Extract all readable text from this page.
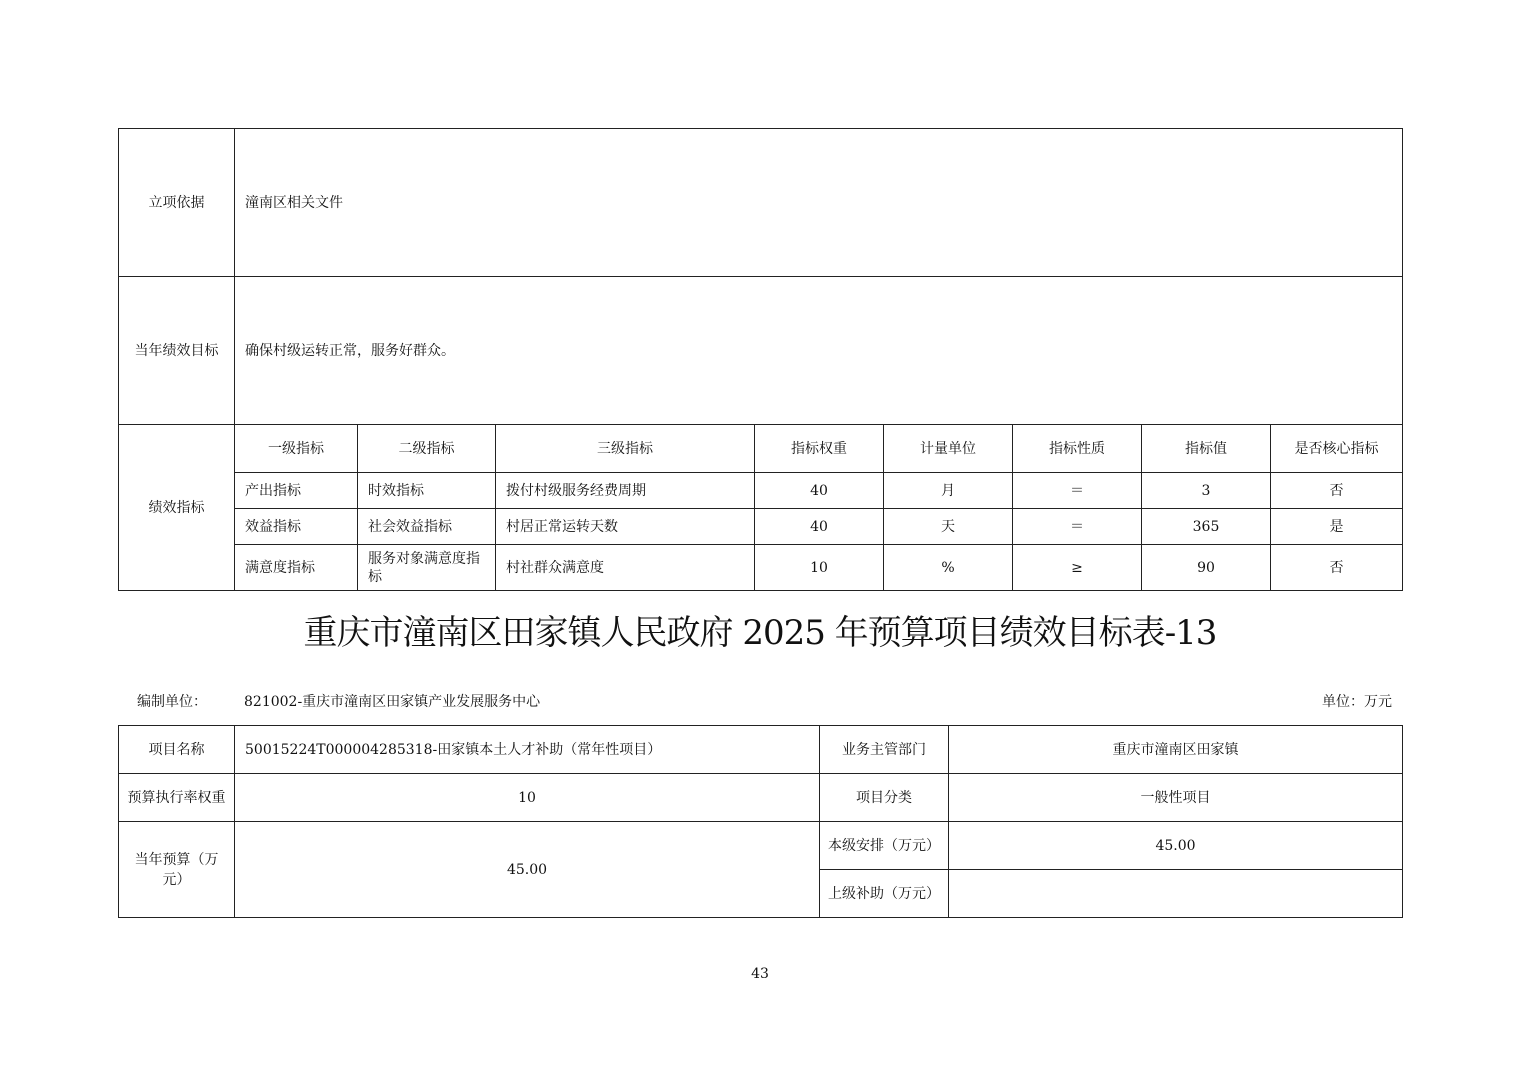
立项依据	潼南区相关文件							
当年绩效目标	确保村级运转正常，服务好群众。							
绩效指标	一级指标	二级指标	三级指标	指标权重	计量单位	指标性质	指标值	是否核心指标
	产出指标	时效指标	拨付村级服务经费周期	40	月	＝	3	否
	效益指标	社会效益指标	村居正常运转天数	40	天	＝	365	是
	满意度指标	服务对象满意度指标	村社群众满意度	10	%	≥	90	否
重庆市潼南区田家镇人民政府 2025 年预算项目绩效目标表-13
编制单位：	821002-重庆市潼南区田家镇产业发展服务中心	单位：万元
项目名称	50015224T000004285318-田家镇本土人才补助（常年性项目）	业务主管部门	重庆市潼南区田家镇
预算执行率权重	10	项目分类	一般性项目
当年预算（万元）	45.00	本级安排（万元）	45.00
		上级补助（万元）	
43
